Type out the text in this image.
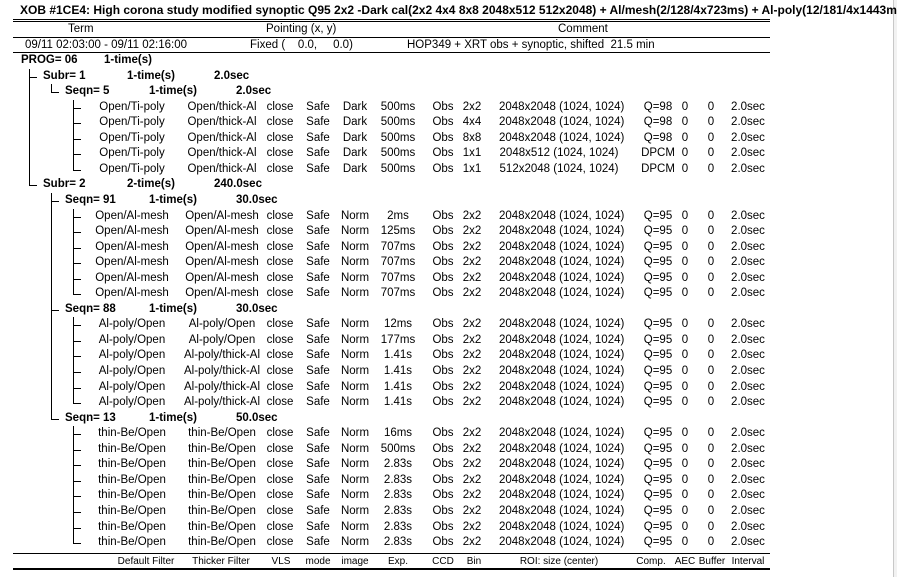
XOB #1CE4: High corona study modified synoptic Q95 2x2 -Dark cal(2x2 4x4 8x8 2048x512 512x2048) + Al/mesh(2/128/4x723ms) + Al-poly(12/181/4x1443m
Term	Pointing (x, y)	Comment
09/11 02:03:00 - 09/11 02:16:00	Fixed (    0.0,     0.0)	HOP349 + XRT obs + synoptic, shifted  21.5 min
PROG= 06 1-time(s)
Subr= 1	1-time(s)	2.0sec
Seqn= 5	1-time(s)	2.0sec
Open/Ti-poly	Open/thick-Al close	Safe	Dark	500ms	Obs 2x2	2048x2048 (1024, 1024)	Q=98 0	0	2.0sec
Open/Ti-poly	Open/thick-Al close	Safe	Dark	500ms	Obs 4x4	2048x2048 (1024, 1024)	Q=98 0	0	2.0sec
Open/Ti-poly	Open/thick-Al close	Safe	Dark	500ms	Obs 8x8	2048x2048 (1024, 1024)	Q=98 0	0	2.0sec
Open/Ti-poly	Open/thick-Al close	Safe	Dark	500ms	Obs 1x1	2048x512 (1024, 1024)	DPCM 0	0	2.0sec
Open/Ti-poly	Open/thick-Al close	Safe	Dark	500ms	Obs 1x1	512x2048 (1024, 1024)	DPCM 0	0	2.0sec
Subr= 2	2-time(s)	240.0sec
Seqn= 91	1-time(s)	30.0sec
Open/Al-mesh	Open/Al-mesh close	Safe Norm	2ms	Obs 2x2	2048x2048 (1024, 1024)	Q=95 0	0	2.0sec
Open/Al-mesh	Open/Al-mesh close	Safe Norm	125ms	Obs 2x2	2048x2048 (1024, 1024)	Q=95 0	0	2.0sec
Open/Al-mesh	Open/Al-mesh close	Safe Norm	707ms	Obs 2x2	2048x2048 (1024, 1024)	Q=95 0	0	2.0sec
Open/Al-mesh	Open/Al-mesh close	Safe Norm	707ms	Obs 2x2	2048x2048 (1024, 1024)	Q=95 0	0	2.0sec
Open/Al-mesh	Open/Al-mesh close	Safe Norm	707ms	Obs 2x2	2048x2048 (1024, 1024)	Q=95 0	0	2.0sec
Open/Al-mesh	Open/Al-mesh close	Safe Norm	707ms	Obs 2x2	2048x2048 (1024, 1024)	Q=95 0	0	2.0sec
Seqn= 88	1-time(s)	30.0sec
Al-poly/Open	Al-poly/Open close	Safe Norm	12ms	Obs 2x2	2048x2048 (1024, 1024)	Q=95 0	0	2.0sec
Al-poly/Open	Al-poly/Open close	Safe Norm	177ms	Obs 2x2	2048x2048 (1024, 1024)	Q=95 0	0	2.0sec
Al-poly/Open	Al-poly/thick-Al close	Safe Norm	1.41s	Obs 2x2	2048x2048 (1024, 1024)	Q=95 0	0	2.0sec
Al-poly/Open	Al-poly/thick-Al close	Safe Norm	1.41s	Obs 2x2	2048x2048 (1024, 1024)	Q=95 0	0	2.0sec
Al-poly/Open	Al-poly/thick-Al close	Safe Norm	1.41s	Obs 2x2	2048x2048 (1024, 1024)	Q=95 0	0	2.0sec
Al-poly/Open	Al-poly/thick-Al close	Safe Norm	1.41s	Obs 2x2	2048x2048 (1024, 1024)	Q=95 0	0	2.0sec
Seqn= 13	1-time(s)	50.0sec
thin-Be/Open	thin-Be/Open close	Safe Norm	16ms	Obs 2x2	2048x2048 (1024, 1024)	Q=95 0	0	2.0sec
thin-Be/Open	thin-Be/Open close	Safe Norm	500ms	Obs 2x2	2048x2048 (1024, 1024)	Q=95 0	0	2.0sec
thin-Be/Open	thin-Be/Open close	Safe Norm	2.83s	Obs 2x2	2048x2048 (1024, 1024)	Q=95 0	0	2.0sec
thin-Be/Open	thin-Be/Open close	Safe Norm	2.83s	Obs 2x2	2048x2048 (1024, 1024)	Q=95 0	0	2.0sec
thin-Be/Open	thin-Be/Open close	Safe Norm	2.83s	Obs 2x2	2048x2048 (1024, 1024)	Q=95 0	0	2.0sec
thin-Be/Open	thin-Be/Open close	Safe Norm	2.83s	Obs 2x2	2048x2048 (1024, 1024)	Q=95 0	0	2.0sec
thin-Be/Open	thin-Be/Open close	Safe Norm	2.83s	Obs 2x2	2048x2048 (1024, 1024)	Q=95 0	0	2.0sec
thin-Be/Open	thin-Be/Open close	Safe Norm	2.83s	Obs 2x2	2048x2048 (1024, 1024)	Q=95 0	0	2.0sec
Default Filter	Thicker Filter	VLS	mode	image	Exp.	CCD	Bin	ROI: size (center)	Comp. AEC Buffer Interval
